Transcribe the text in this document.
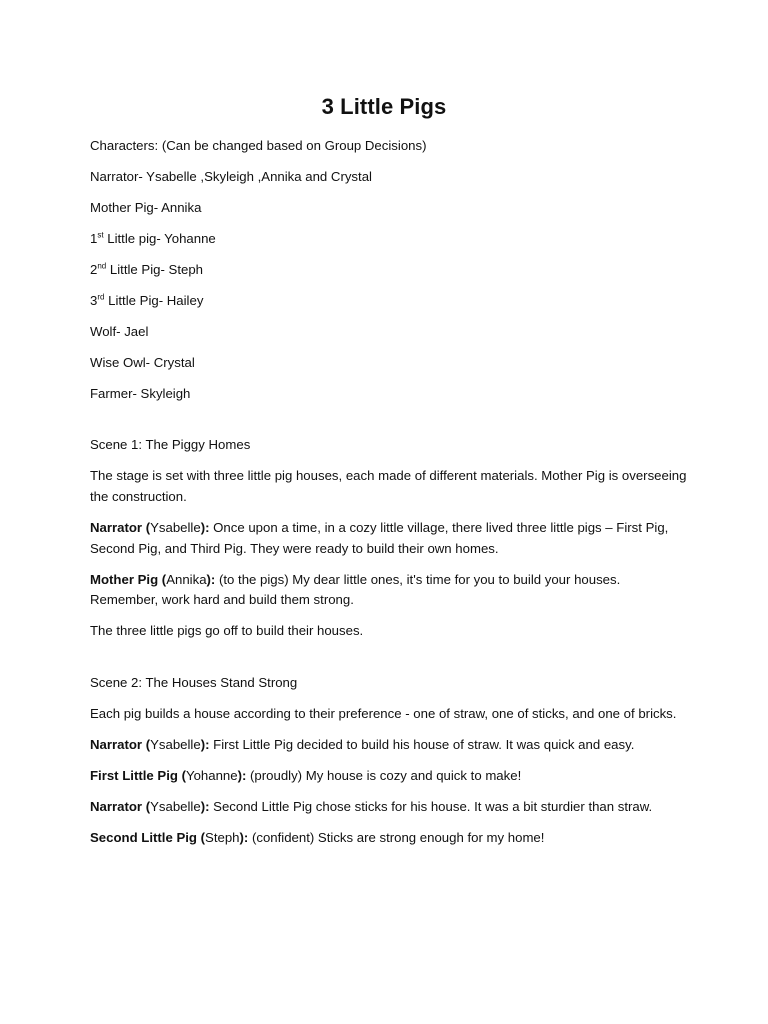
3 Little Pigs
Characters: (Can be changed based on Group Decisions)
Narrator- Ysabelle ,Skyleigh ,Annika and Crystal
Mother Pig- Annika
1st Little pig- Yohanne
2nd Little Pig- Steph
3rd Little Pig- Hailey
Wolf- Jael
Wise Owl- Crystal
Farmer- Skyleigh
Scene 1: The Piggy Homes
The stage is set with three little pig houses, each made of different materials. Mother Pig is overseeing the construction.
Narrator (Ysabelle): Once upon a time, in a cozy little village, there lived three little pigs – First Pig, Second Pig, and Third Pig. They were ready to build their own homes.
Mother Pig (Annika): (to the pigs) My dear little ones, it's time for you to build your houses. Remember, work hard and build them strong.
The three little pigs go off to build their houses.
Scene 2: The Houses Stand Strong
Each pig builds a house according to their preference - one of straw, one of sticks, and one of bricks.
Narrator (Ysabelle): First Little Pig decided to build his house of straw. It was quick and easy.
First Little Pig (Yohanne): (proudly) My house is cozy and quick to make!
Narrator (Ysabelle): Second Little Pig chose sticks for his house. It was a bit sturdier than straw.
Second Little Pig (Steph): (confident) Sticks are strong enough for my home!
